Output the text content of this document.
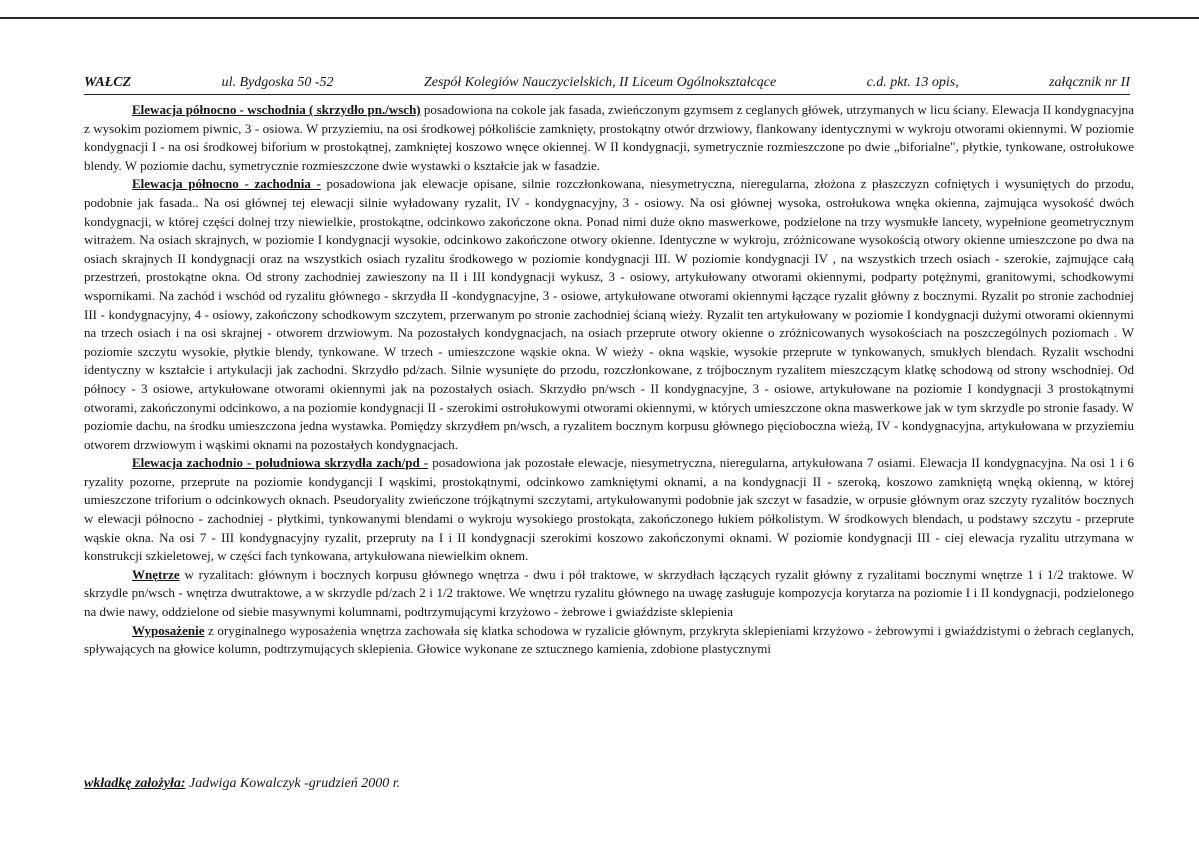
WAŁCZ	ul. Bydgoska 50 -52	Zespół Kolegiów Nauczycielskich, II Liceum Ogólnokształcące	c.d. pkt. 13 opis,	załącznik nr II

Elewacja północno - wschodnia ( skrzydło pn./wsch) posadowiona na cokole jak fasada, zwieńczonym gzymsem z ceglanych główek, utrzymanych w licu ściany. Elewacja II kondygnacyjna z wysokim poziomem piwnic, 3 - osiowa. W przyziemiu, na osi środkowej półkoliście zamknięty, prostokątny otwór drzwiowy, flankowany identycznymi w wykroju otworami okiennymi. W poziomie kondygnacji I - na osi środkowej biforium w prostokątnej, zamkniętej koszowo wnęce okiennej. W II kondygnacji, symetrycznie rozmieszczone po dwie „biforialne", płytkie, tynkowane, ostrołukowe blendy. W poziomie dachu, symetrycznie rozmieszczone dwie wystawki o kształcie jak w fasadzie.

Elewacja północno - zachodnia - posadowiona jak elewacje opisane, silnie rozczłonkowana, niesymetryczna, nieregularna, złożona z płaszczyzn cofniętych i wysuniętych do przodu, podobnie jak fasada.. Na osi głównej tej elewacji silnie wyładowany ryzalit, IV - kondygnacyjny, 3 - osiowy. Na osi głównej wysoka, ostrołukowa wnęka okienna, zajmująca wysokość dwóch kondygnacji, w której części dolnej trzy niewielkie, prostokątne, odcinkowo zakończone okna. Ponad nimi duże okno maswerkowe, podzielone na trzy wysmukłe lancety, wypełnione geometrycznym witrażem. Na osiach skrajnych, w poziomie I kondygnacji wysokie, odcinkowo zakończone otwory okienne. Identyczne w wykroju, zróżnicowane wysokością otwory okienne umieszczone po dwa na osiach skrajnych II kondygnacji oraz na wszystkich osiach ryzalitu środkowego w poziomie kondygnacji III. W poziomie kondygnacji IV , na wszystkich trzech osiach - szerokie, zajmujące całą przestrzeń, prostokątne okna. Od strony zachodniej zawieszony na II i III kondygnacji wykusz, 3 - osiowy, artykułowany otworami okiennymi, podparty potężnymi, granitowymi, schodkowymi wspornikami. Na zachód i wschód od ryzalitu głównego - skrzydła II -kondygnacyjne, 3 - osiowe, artykułowane otworami okiennymi łączące ryzalit główny z bocznymi. Ryzalit po stronie zachodniej III - kondygnacyjny, 4 - osiowy, zakończony schodkowym szczytem, przerwanym po stronie zachodniej ścianą wieży. Ryzalit ten artykułowany w poziomie I kondygnacji dużymi otworami okiennymi na trzech osiach i na osi skrajnej - otworem drzwiowym. Na pozostałych kondygnacjach, na osiach przeprute otwory okienne o zróżnicowanych wysokościach na poszczególnych poziomach . W poziomie szczytu wysokie, płytkie blendy, tynkowane. W trzech - umieszczone wąskie okna. W wieży - okna wąskie, wysokie przeprute w tynkowanych, smukłych blendach. Ryzalit wschodni identyczny w kształcie i artykulacji jak zachodni. Skrzydło pd/zach. Silnie wysunięte do przodu, rozczłonkowane, z trójbocznym ryzalitem mieszczącym klatkę schodową od strony wschodniej. Od północy - 3 osiowe, artykułowane otworami okiennymi jak na pozostałych osiach. Skrzydło pn/wsch - II kondygnacyjne, 3 - osiowe, artykułowane na poziomie I kondygnacji 3 prostokątnymi otworami, zakończonymi odcinkowo, a na poziomie kondygnacji II - szerokimi ostrołukowymi otworami okiennymi, w których umieszczone okna maswerkowe jak w tym skrzydle po stronie fasady. W poziomie dachu, na środku umieszczona jedna wystawka. Pomiędzy skrzydłem pn/wsch, a ryzalitem bocznym korpusu głównego pięcioboczna wieżą, IV - kondygnacyjna, artykułowana w przyziemiu otworem drzwiowym i wąskimi oknami na pozostałych kondygnacjach.

Elewacja zachodnio - południowa skrzydła zach/pd - posadowiona jak pozostałe elewacje, niesymetryczna, nieregularna, artykułowana 7 osiami. Elewacja II kondygnacyjna. Na osi 1 i 6 ryzality pozorne, przeprute na poziomie kondygancji I wąskimi, prostokątnymi, odcinkowo zamkniętymi oknami, a na kondygnacji II - szeroką, koszowo zamkniętą wnęką okienną, w której umieszczone triforium o odcinkowych oknach. Pseudoryality zwieńczone trójkątnymi szczytami, artykułowanymi podobnie jak szczyt w fasadzie, w orpusie głównym oraz szczyty ryzalitów bocznych w elewacji północno - zachodniej - płytkimi, tynkowanymi blendami o wykroju wysokiego prostokąta, zakończonego łukiem półkolistym. W środkowych blendach, u podstawy szczytu - przeprute wąskie okna. Na osi 7 - III kondygnacyjny ryzalit, przepruty na I i II kondygnacji szerokimi koszowo zakończonymi oknami. W poziomie kondygnacji III - ciej elewacja ryzalitu utrzymana w konstrukcji szkieletowej, w części fach tynkowana, artykułowana niewielkim oknem.

Wnętrze w ryzalitach: głównym i bocznych korpusu głównego wnętrza - dwu i pół traktowe, w skrzydłach łączących ryzalit główny z ryzalitami bocznymi wnętrze 1 i 1/2 traktowe. W skrzydle pn/wsch - wnętrza dwutraktowe, a w skrzydle pd/zach 2 i 1/2 traktowe. We wnętrzu ryzalitu głównego na uwagę zasługuje kompozycja korytarza na poziomie I i II kondygnacji, podzielonego na dwie nawy, oddzielone od siebie masywnymi kolumnami, podtrzymującymi krzyżowo - żebrowe i gwiaździste sklepienia

Wyposażenie z oryginalnego wyposażenia wnętrza zachowała się klatka schodowa w ryzalicie głównym, przykryta sklepieniami krzyżowo - żebrowymi i gwiaździstymi o żebrach ceglanych, spływających na głowice kolumn, podtrzymujących sklepienia. Głowice wykonane ze sztucznego kamienia, zdobione plastycznymi

wkładkę założyła: Jadwiga Kowalczyk -grudzień 2000 r.
